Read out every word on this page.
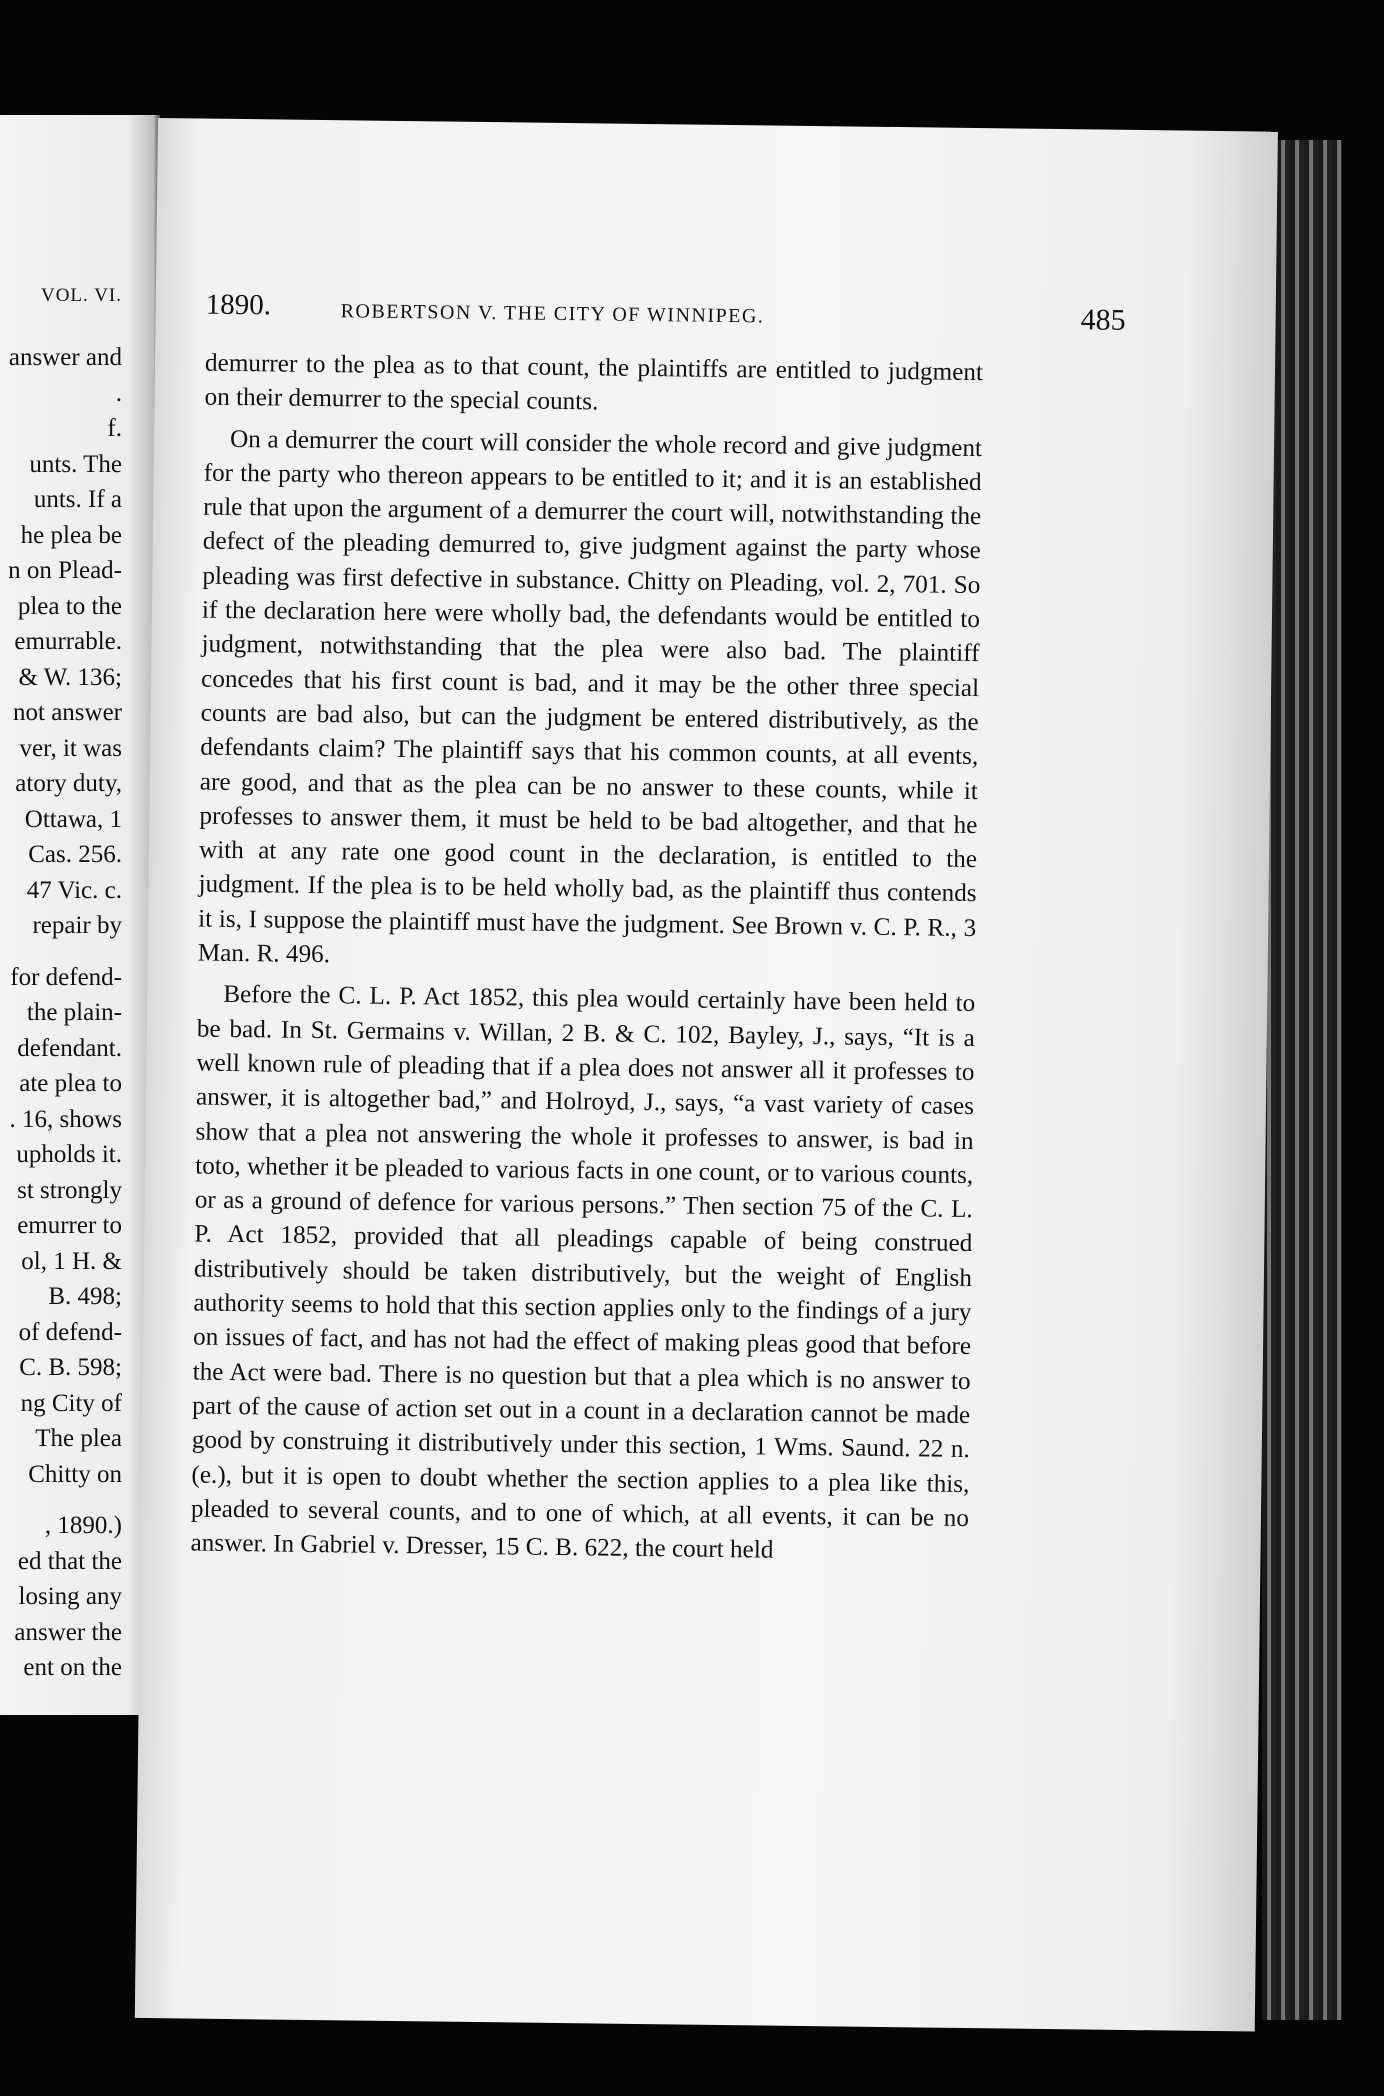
VOL. VI.
answer and
.
f.
unts. The
unts. If a
he plea be
n on Plead-
plea to the
emurrable.
& W. 136;
not answer
ver, it was
atory duty,
Ottawa, 1
Cas. 256.
47 Vic. c.
repair by
for defend-
the plain-
defendant.
ate plea to
. 16, shows
upholds it.
st strongly
emurrer to
ol, 1 H. &
B. 498;
of defend-
C. B. 598;
ng City of
The plea
Chitty on
, 1890.)
ed that the
losing any
answer the
ent on the
1890.	ROBERTSON V. THE CITY OF WINNIPEG.	485

demurrer to the plea as to that count, the plaintiffs are entitled to judgment on their demurrer to the special counts.

On a demurrer the court will consider the whole record and give judgment for the party who thereon appears to be entitled to it; and it is an established rule that upon the argument of a demurrer the court will, notwithstanding the defect of the pleading demurred to, give judgment against the party whose pleading was first defective in substance. Chitty on Pleading, vol. 2, 701. So if the declaration here were wholly bad, the defendants would be entitled to judgment, notwithstanding that the plea were also bad. The plaintiff concedes that his first count is bad, and it may be the other three special counts are bad also, but can the judgment be entered distributively, as the defendants claim? The plaintiff says that his common counts, at all events, are good, and that as the plea can be no answer to these counts, while it professes to answer them, it must be held to be bad altogether, and that he with at any rate one good count in the declaration, is entitled to the judgment. If the plea is to be held wholly bad, as the plaintiff thus contends it is, I suppose the plaintiff must have the judgment. See Brown v. C. P. R., 3 Man. R. 496.

Before the C. L. P. Act 1852, this plea would certainly have been held to be bad. In St. Germains v. Willan, 2 B. & C. 102, Bayley, J., says, “It is a well known rule of pleading that if a plea does not answer all it professes to answer, it is altogether bad,” and Holroyd, J., says, “a vast variety of cases show that a plea not answering the whole it professes to answer, is bad in toto, whether it be pleaded to various facts in one count, or to various counts, or as a ground of defence for various persons.” Then section 75 of the C. L. P. Act 1852, provided that all pleadings capable of being construed distributively should be taken distributively, but the weight of English authority seems to hold that this section applies only to the findings of a jury on issues of fact, and has not had the effect of making pleas good that before the Act were bad. There is no question but that a plea which is no answer to part of the cause of action set out in a count in a declaration cannot be made good by construing it distributively under this section, 1 Wms. Saund. 22 n. (e.), but it is open to doubt whether the section applies to a plea like this, pleaded to several counts, and to one of which, at all events, it can be no answer. In Gabriel v. Dresser, 15 C. B. 622, the court held
